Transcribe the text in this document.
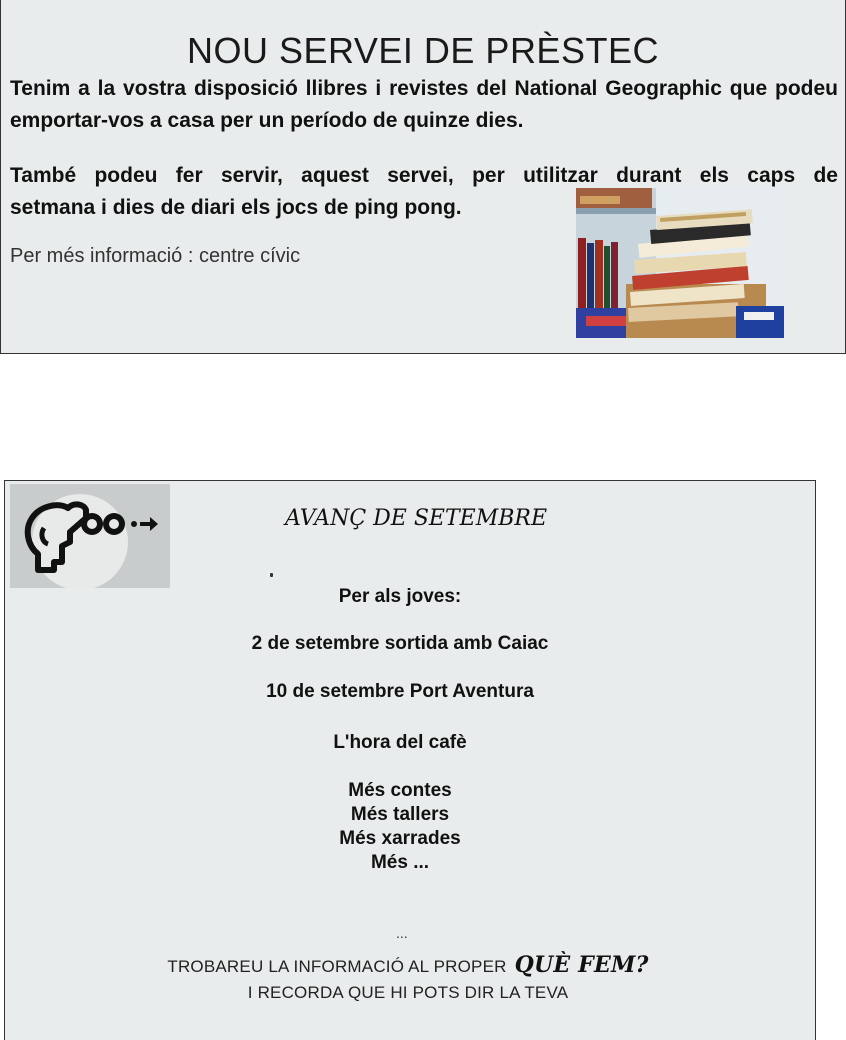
NOU SERVEI DE PRÈSTEC
Tenim a la vostra disposició llibres i revistes del National Geographic que podeu emportar-vos a casa per un período de quinze dies.
També podeu fer servir, aquest servei, per utilitzar durant els caps de
setmana i dies de diari els jocs de ping pong.
Per més informació : centre cívic
AVANÇ DE SETEMBRE
Per als joves:
2 de setembre sortida amb Caiac
10 de setembre Port Aventura
L'hora del cafè
Més contes
Més tallers
Més xarrades
Més ...
...
TROBAREU LA INFORMACIÓ AL PROPER QUÈ FEM?
I RECORDA QUE HI POTS DIR LA TEVA
